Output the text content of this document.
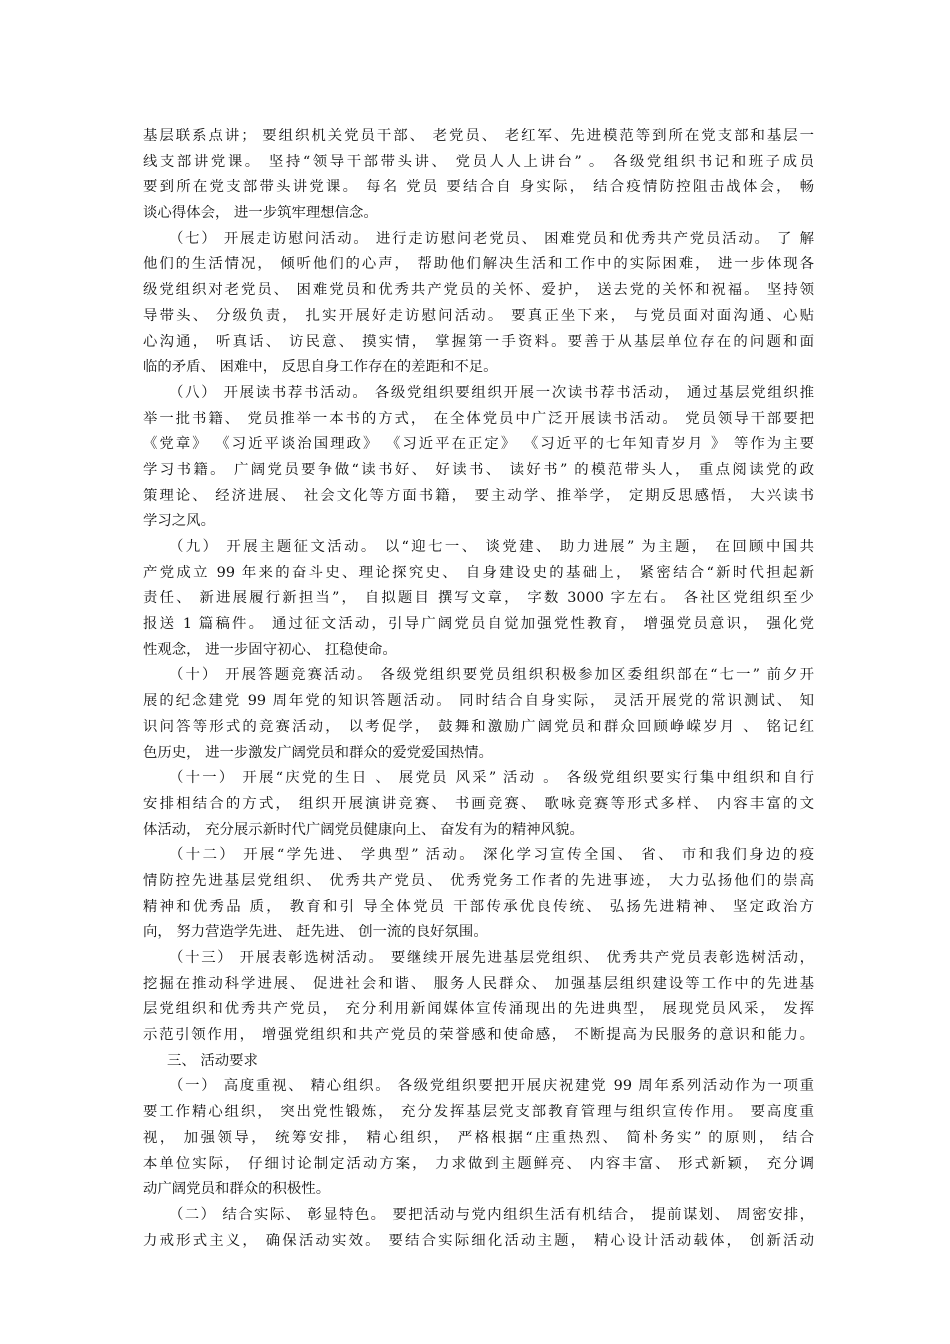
基层联系点讲； 要组织机关党员干部、 老党员、 老红军、先进模范等到所在党支部和基层一
线支部讲党课。 坚持“领导干部带头讲、 党员人人上讲台” 。 各级党组织书记和班子成员
要到所在党支部带头讲党课。 每名 党员 要结合自 身实际， 结合疫情防控阻击战体会， 畅
谈心得体会， 进一步筑牢理想信念。
（七） 开展走访慰问活动。 进行走访慰问老党员、 困难党员和优秀共产党员活动。 了 解
他们的生活情况， 倾听他们的心声， 帮助他们解决生活和工作中的实际困难， 进一步体现各
级党组织对老党员、 困难党员和优秀共产党员的关怀、爱护， 送去党的关怀和祝福。 坚持领
导带头、 分级负责， 扎实开展好走访慰问活动。 要真正坐下来， 与党员面对面沟通、心贴
心沟通， 听真话、 访民意、 摸实情， 掌握第一手资料。要善于从基层单位存在的问题和面
临的矛盾、 困难中， 反思自身工作存在的差距和不足。
（八） 开展读书荐书活动。 各级党组织要组织开展一次读书荐书活动， 通过基层党组织推
举一批书籍、 党员推举一本书的方式， 在全体党员中广泛开展读书活动。 党员领导干部要把
《党章》 《习近平谈治国理政》 《习近平在正定》 《习近平的七年知青岁月 》 等作为主要
学习书籍。 广阔党员要争做“读书好、 好读书、 读好书” 的模范带头人， 重点阅读党的政
策理论、 经济进展、 社会文化等方面书籍， 要主动学、推举学， 定期反思感悟， 大兴读书
学习之风。
（九） 开展主题征文活动。 以“迎七一、 谈党建、 助力进展” 为主题， 在回顾中国共
产党成立 99 年来的奋斗史、理论探究史、 自身建设史的基础上， 紧密结合“新时代担起新
责任、 新进展履行新担当”， 自拟题目 撰写文章， 字数 3000 字左右。 各社区党组织至少
报送 1 篇稿件。 通过征文活动，引导广阔党员自觉加强党性教育， 增强党员意识， 强化党
性观念， 进一步固守初心、 扛稳使命。
（十） 开展答题竞赛活动。 各级党组织要党员组织积极参加区委组织部在“七一” 前夕开
展的纪念建党 99 周年党的知识答题活动。 同时结合自身实际， 灵活开展党的常识测试、 知
识问答等形式的竞赛活动， 以考促学， 鼓舞和激励广阔党员和群众回顾峥嵘岁月 、 铭记红
色历史， 进一步激发广阔党员和群众的爱党爱国热情。
（十一） 开展“庆党的生日 、 展党员 风采” 活动 。 各级党组织要实行集中组织和自行
安排相结合的方式， 组织开展演讲竞赛、 书画竞赛、 歌咏竞赛等形式多样、 内容丰富的文
体活动， 充分展示新时代广阔党员健康向上、 奋发有为的精神风貌。
（十二） 开展“学先进、 学典型” 活动。 深化学习宣传全国、 省、 市和我们身边的疫
情防控先进基层党组织、 优秀共产党员、 优秀党务工作者的先进事迹， 大力弘扬他们的崇高
精神和优秀品 质， 教育和引 导全体党员 干部传承优良传统、 弘扬先进精神、 坚定政治方
向， 努力营造学先进、 赶先进、 创一流的良好氛围。
（十三） 开展表彰选树活动。 要继续开展先进基层党组织、 优秀共产党员表彰选树活动，
挖掘在推动科学进展、 促进社会和谐、 服务人民群众、 加强基层组织建设等工作中的先进基
层党组织和优秀共产党员， 充分利用新闻媒体宣传涌现出的先进典型， 展现党员风采， 发挥
示范引领作用， 增强党组织和共产党员的荣誉感和使命感， 不断提高为民服务的意识和能力。
三、 活动要求
（一） 高度重视、 精心组织。 各级党组织要把开展庆祝建党 99 周年系列活动作为一项重
要工作精心组织， 突出党性锻炼， 充分发挥基层党支部教育管理与组织宣传作用。 要高度重
视， 加强领导， 统筹安排， 精心组织， 严格根据“庄重热烈、 简朴务实” 的原则， 结合
本单位实际， 仔细讨论制定活动方案， 力求做到主题鲜亮、 内容丰富、 形式新颖， 充分调
动广阔党员和群众的积极性。
（二） 结合实际、 彰显特色。 要把活动与党内组织生活有机结合， 提前谋划、 周密安排，
力戒形式主义， 确保活动实效。 要结合实际细化活动主题， 精心设计活动载体， 创新活动
